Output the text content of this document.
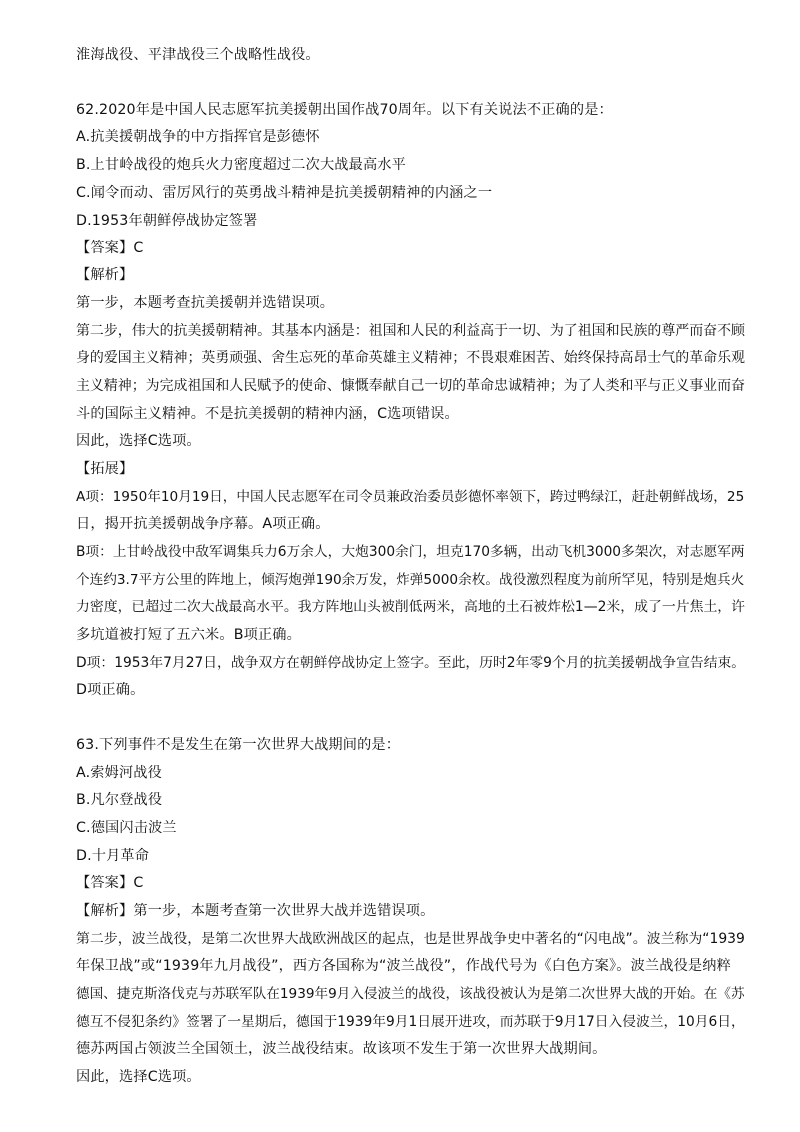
淮海战役、平津战役三个战略性战役。
62.2020年是中国人民志愿军抗美援朝出国作战70周年。以下有关说法不正确的是：
A.抗美援朝战争的中方指挥官是彭德怀
B.上甘岭战役的炮兵火力密度超过二次大战最高水平
C.闻令而动、雷厉风行的英勇战斗精神是抗美援朝精神的内涵之一
D.1953年朝鲜停战协定签署
【答案】C
【解析】
第一步，本题考查抗美援朝并选错误项。
第二步，伟大的抗美援朝精神。其基本内涵是：祖国和人民的利益高于一切、为了祖国和民族的尊严而奋不顾
身的爱国主义精神；英勇顽强、舍生忘死的革命英雄主义精神；不畏艰难困苦、始终保持高昂士气的革命乐观
主义精神；为完成祖国和人民赋予的使命、慷慨奉献自己一切的革命忠诚精神；为了人类和平与正义事业而奋
斗的国际主义精神。不是抗美援朝的精神内涵，C选项错误。
因此，选择C选项。
【拓展】
A项：1950年10月19日，中国人民志愿军在司令员兼政治委员彭德怀率领下，跨过鸭绿江，赶赴朝鲜战场，25
日，揭开抗美援朝战争序幕。A项正确。
B项：上甘岭战役中敌军调集兵力6万余人，大炮300余门，坦克170多辆，出动飞机3000多架次，对志愿军两
个连约3.7平方公里的阵地上，倾泻炮弹190余万发，炸弹5000余枚。战役激烈程度为前所罕见，特别是炮兵火
力密度，已超过二次大战最高水平。我方阵地山头被削低两米，高地的土石被炸松1—2米，成了一片焦土，许
多坑道被打短了五六米。B项正确。
D项：1953年7月27日，战争双方在朝鲜停战协定上签字。至此，历时2年零9个月的抗美援朝战争宣告结束。
D项正确。
63.下列事件不是发生在第一次世界大战期间的是：
A.索姆河战役
B.凡尔登战役
C.德国闪击波兰
D.十月革命
【答案】C
【解析】第一步，本题考查第一次世界大战并选错误项。
第二步，波兰战役，是第二次世界大战欧洲战区的起点，也是世界战争史中著名的“闪电战”。波兰称为“1939
年保卫战”或“1939年九月战役”，西方各国称为“波兰战役”，作战代号为《白色方案》。波兰战役是纳粹
德国、捷克斯洛伐克与苏联军队在1939年9月入侵波兰的战役，该战役被认为是第二次世界大战的开始。在《苏
德互不侵犯条约》签署了一星期后，德国于1939年9月1日展开进攻，而苏联于9月17日入侵波兰，10月6日，
德苏两国占领波兰全国领土，波兰战役结束。故该项不发生于第一次世界大战期间。
因此，选择C选项。
